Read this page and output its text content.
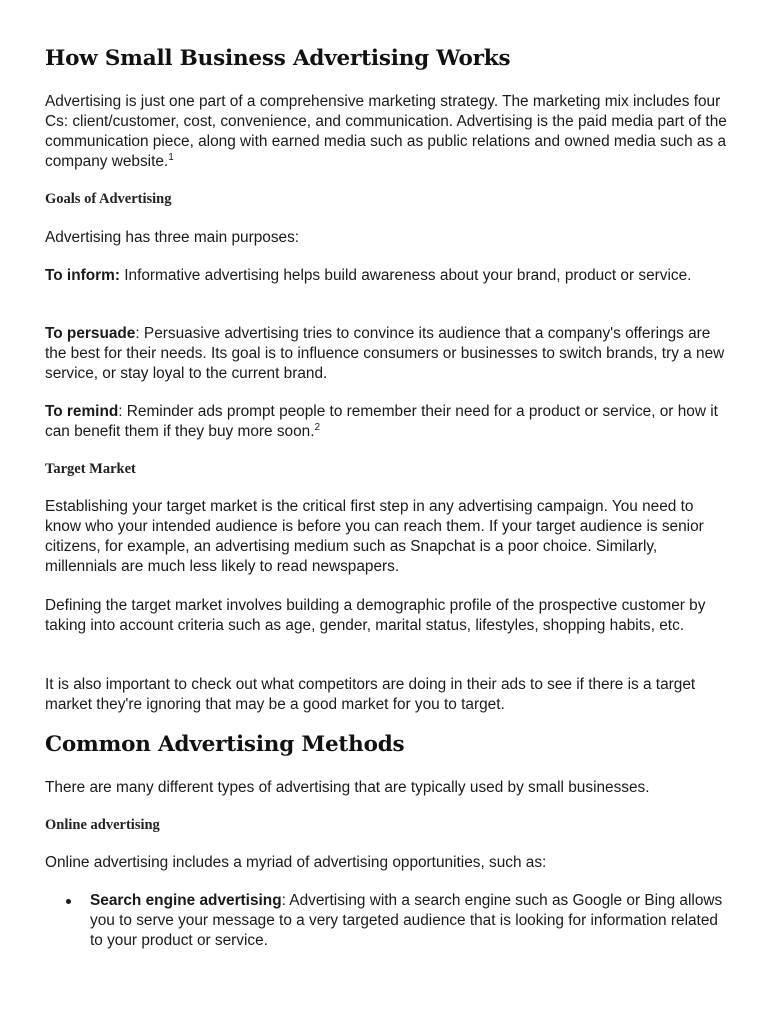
How Small Business Advertising Works

Advertising is just one part of a comprehensive marketing strategy. The marketing mix includes four Cs: client/customer, cost, convenience, and communication. Advertising is the paid media part of the communication piece, along with earned media such as public relations and owned media such as a company website.$^1$

Goals of Advertising

Advertising has three main purposes:

To inform: Informative advertising helps build awareness about your brand, product or service.

To persuade: Persuasive advertising tries to convince its audience that a company's offerings are the best for their needs. Its goal is to influence consumers or businesses to switch brands, try a new service, or stay loyal to the current brand.

To remind: Reminder ads prompt people to remember their need for a product or service, or how it can benefit them if they buy more soon.$^2$

Target Market

Establishing your target market is the critical first step in any advertising campaign. You need to know who your intended audience is before you can reach them. If your target audience is senior citizens, for example, an advertising medium such as Snapchat is a poor choice. Similarly, millennials are much less likely to read newspapers.

Defining the target market involves building a demographic profile of the prospective customer by taking into account criteria such as age, gender, marital status, lifestyles, shopping habits, etc.

It is also important to check out what competitors are doing in their ads to see if there is a target market they're ignoring that may be a good market for you to target.

Common Advertising Methods

There are many different types of advertising that are typically used by small businesses.

Online advertising

Online advertising includes a myriad of advertising opportunities, such as:

Search engine advertising: Advertising with a search engine such as Google or Bing allows you to serve your message to a very targeted audience that is looking for information related to your product or service.
